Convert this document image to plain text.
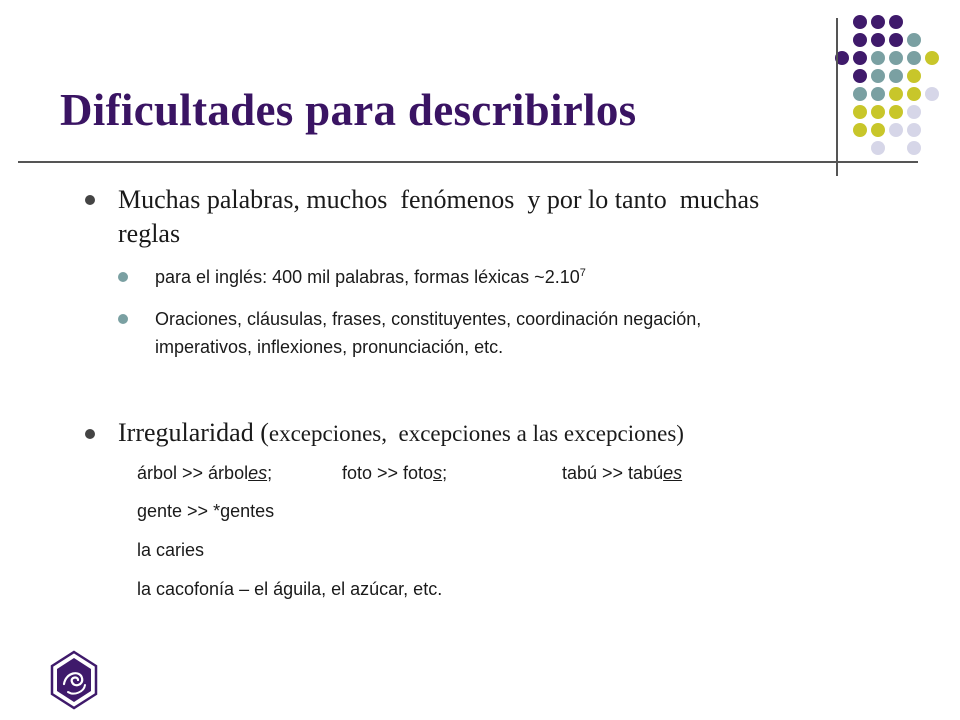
Dificultades para describirlos
Muchas palabras, muchos  fenómenos  y por lo tanto  muchas
reglas
para el inglés: 400 mil palabras, formas léxicas ~2.10$^7$
Oraciones, cláusulas, frases, constituyentes, coordinación negación,
imperativos, inflexiones, pronunciación, etc.
Irregularidad (excepciones,  excepciones a las excepciones)
árbol >> árboles;	foto >> fotos;	tabú >> tabúes
gente >> *gentes
la caries
la cacofonía – el águila, el azúcar, etc.
